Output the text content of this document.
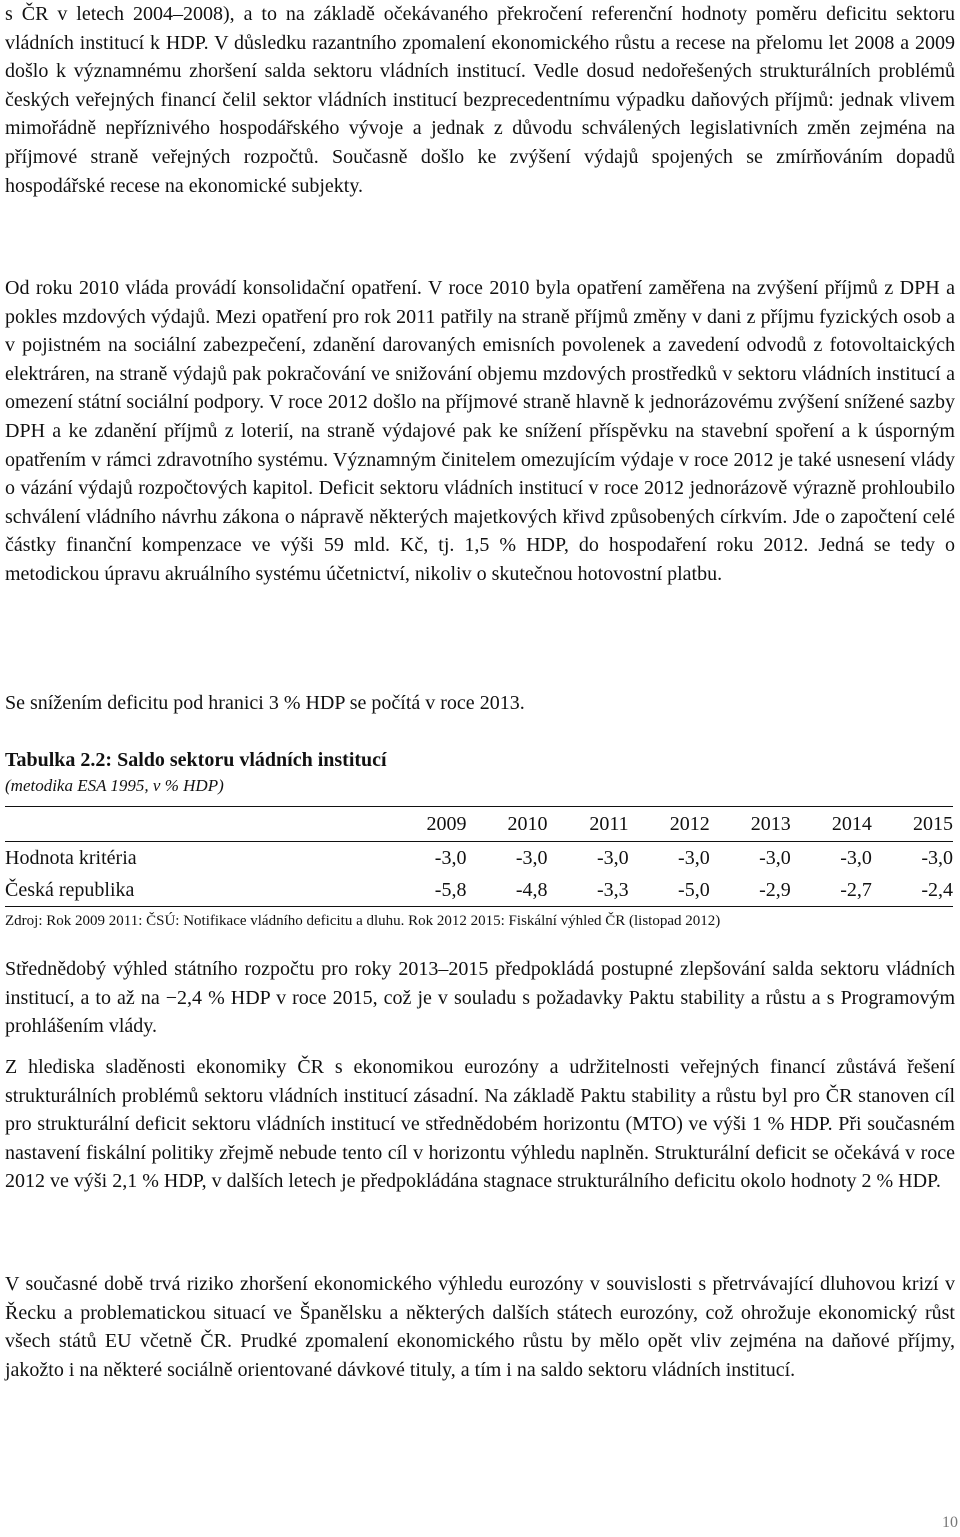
s ČR v letech 2004–2008), a to na základě očekávaného překročení referenční hodnoty poměru deficitu sektoru vládních institucí k HDP. V důsledku razantního zpomalení ekonomického růstu a recese na přelomu let 2008 a 2009 došlo k významnému zhoršení salda sektoru vládních institucí. Vedle dosud nedořešených strukturálních problémů českých veřejných financí čelil sektor vládních institucí bezprecedentnímu výpadku daňových příjmů: jednak vlivem mimořádně nepříznivého hospodářského vývoje a jednak z důvodu schválených legislativních změn zejména na příjmové straně veřejných rozpočtů. Současně došlo ke zvýšení výdajů spojených se zmírňováním dopadů hospodářské recese na ekonomické subjekty.

Od roku 2010 vláda provádí konsolidační opatření. V roce 2010 byla opatření zaměřena na zvýšení příjmů z DPH a pokles mzdových výdajů. Mezi opatření pro rok 2011 patřily na straně příjmů změny v dani z příjmu fyzických osob a v pojistném na sociální zabezpečení, zdanění darovaných emisních povolenek a zavedení odvodů z fotovoltaických elektráren, na straně výdajů pak pokračování ve snižování objemu mzdových prostředků v sektoru vládních institucí a omezení státní sociální podpory. V roce 2012 došlo na příjmové straně hlavně k jednorázovému zvýšení snížené sazby DPH a ke zdanění příjmů z loterií, na straně výdajové pak ke snížení příspěvku na stavební spoření a k úsporným opatřením v rámci zdravotního systému. Významným činitelem omezujícím výdaje v roce 2012 je také usnesení vlády o vázání výdajů rozpočtových kapitol. Deficit sektoru vládních institucí v roce 2012 jednorázově výrazně prohloubilo schválení vládního návrhu zákona o nápravě některých majetkových křivd způsobených církvím. Jde o započtení celé částky finanční kompenzace ve výši 59 mld. Kč, tj. 1,5 % HDP, do hospodaření roku 2012. Jedná se tedy o metodickou úpravu akruálního systému účetnictví, nikoliv o skutečnou hotovostní platbu.

Se snížením deficitu pod hranici 3 % HDP se počítá v roce 2013.

Tabulka 2.2: Saldo sektoru vládních institucí
(metodika ESA 1995, v % HDP)
	2009	2010	2011	2012	2013	2014	2015
Hodnota kritéria	-3,0	-3,0	-3,0	-3,0	-3,0	-3,0	-3,0
Česká republika	-5,8	-4,8	-3,3	-5,0	-2,9	-2,7	-2,4
Zdroj: Rok 2009 2011: ČSÚ: Notifikace vládního deficitu a dluhu. Rok 2012 2015: Fiskální výhled ČR (listopad 2012)

Střednědobý výhled státního rozpočtu pro roky 2013–2015 předpokládá postupné zlepšování salda sektoru vládních institucí, a to až na −2,4 % HDP v roce 2015, což je v souladu s požadavky Paktu stability a růstu a s Programovým prohlášením vlády.

Z hlediska sladěnosti ekonomiky ČR s ekonomikou eurozóny a udržitelnosti veřejných financí zůstává řešení strukturálních problémů sektoru vládních institucí zásadní. Na základě Paktu stability a růstu byl pro ČR stanoven cíl pro strukturální deficit sektoru vládních institucí ve střednědobém horizontu (MTO) ve výši 1 % HDP. Při současném nastavení fiskální politiky zřejmě nebude tento cíl v horizontu výhledu naplněn. Strukturální deficit se očekává v roce 2012 ve výši 2,1 % HDP, v dalších letech je předpokládána stagnace strukturálního deficitu okolo hodnoty 2 % HDP.

V současné době trvá riziko zhoršení ekonomického výhledu eurozóny v souvislosti s přetrvávající dluhovou krizí v Řecku a problematickou situací ve Španělsku a některých dalších státech eurozóny, což ohrožuje ekonomický růst všech států EU včetně ČR. Prudké zpomalení ekonomického růstu by mělo opět vliv zejména na daňové příjmy, jakožto i na některé sociálně orientované dávkové tituly, a tím i na saldo sektoru vládních institucí.

10
